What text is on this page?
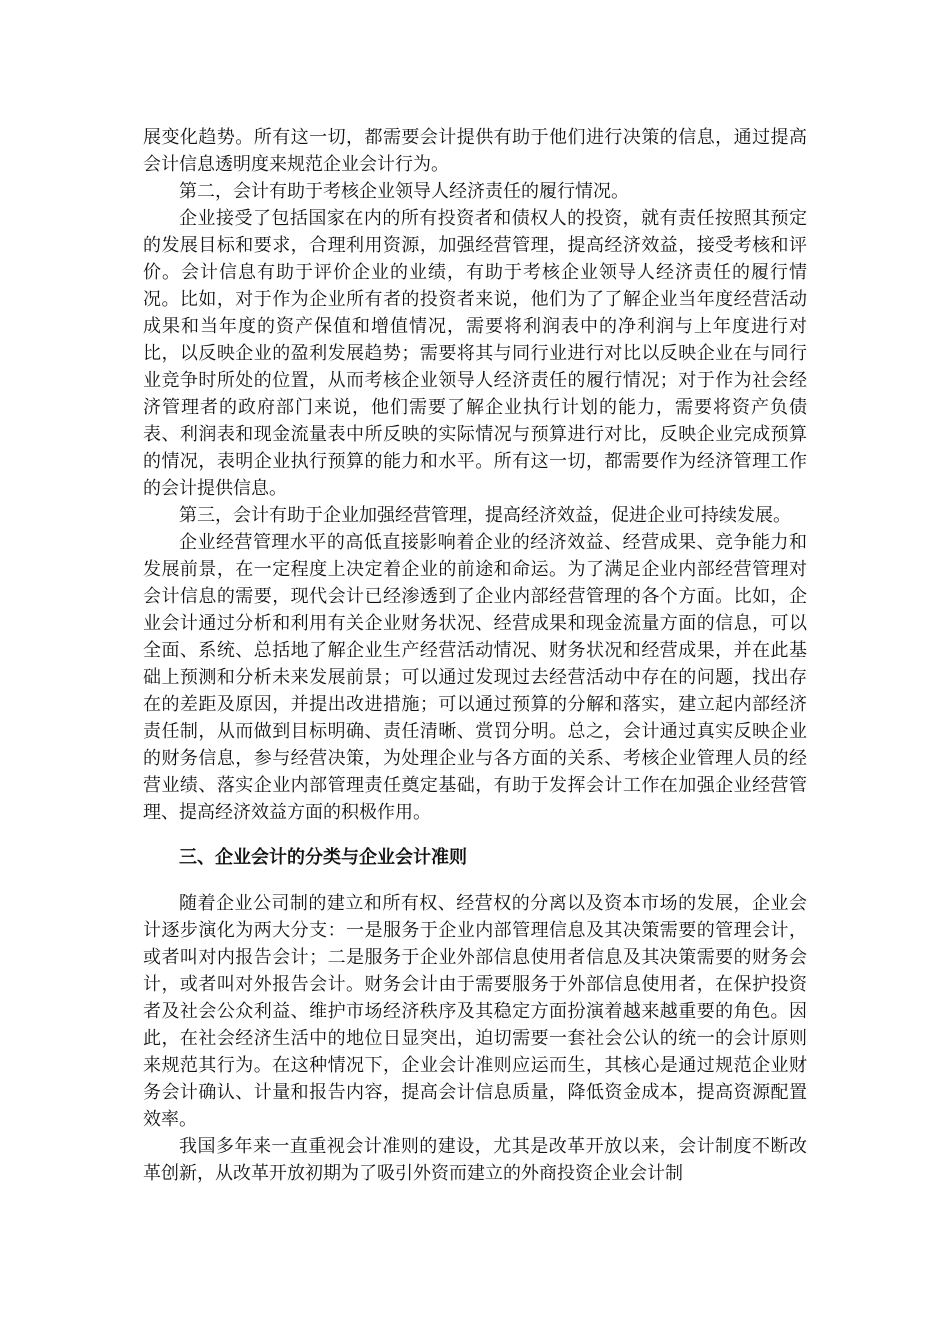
展变化趋势。所有这一切，都需要会计提供有助于他们进行决策的信息，通过提高会计信息透明度来规范企业会计行为。

第二，会计有助于考核企业领导人经济责任的履行情况。

企业接受了包括国家在内的所有投资者和债权人的投资，就有责任按照其预定的发展目标和要求，合理利用资源，加强经营管理，提高经济效益，接受考核和评价。会计信息有助于评价企业的业绩，有助于考核企业领导人经济责任的履行情况。比如，对于作为企业所有者的投资者来说，他们为了了解企业当年度经营活动成果和当年度的资产保值和增值情况，需要将利润表中的净利润与上年度进行对比，以反映企业的盈利发展趋势；需要将其与同行业进行对比以反映企业在与同行业竞争时所处的位置，从而考核企业领导人经济责任的履行情况；对于作为社会经济管理者的政府部门来说，他们需要了解企业执行计划的能力，需要将资产负债表、利润表和现金流量表中所反映的实际情况与预算进行对比，反映企业完成预算的情况，表明企业执行预算的能力和水平。所有这一切，都需要作为经济管理工作的会计提供信息。

第三，会计有助于企业加强经营管理，提高经济效益，促进企业可持续发展。

企业经营管理水平的高低直接影响着企业的经济效益、经营成果、竞争能力和发展前景，在一定程度上决定着企业的前途和命运。为了满足企业内部经营管理对会计信息的需要，现代会计已经渗透到了企业内部经营管理的各个方面。比如，企业会计通过分析和利用有关企业财务状况、经营成果和现金流量方面的信息，可以全面、系统、总括地了解企业生产经营活动情况、财务状况和经营成果，并在此基础上预测和分析未来发展前景；可以通过发现过去经营活动中存在的问题，找出存在的差距及原因，并提出改进措施；可以通过预算的分解和落实，建立起内部经济责任制，从而做到目标明确、责任清晰、赏罚分明。总之，会计通过真实反映企业的财务信息，参与经营决策，为处理企业与各方面的关系、考核企业管理人员的经营业绩、落实企业内部管理责任奠定基础，有助于发挥会计工作在加强企业经营管理、提高经济效益方面的积极作用。

三、企业会计的分类与企业会计准则

随着企业公司制的建立和所有权、经营权的分离以及资本市场的发展，企业会计逐步演化为两大分支：一是服务于企业内部管理信息及其决策需要的管理会计，或者叫对内报告会计；二是服务于企业外部信息使用者信息及其决策需要的财务会计，或者叫对外报告会计。财务会计由于需要服务于外部信息使用者，在保护投资者及社会公众利益、维护市场经济秩序及其稳定方面扮演着越来越重要的角色。因此，在社会经济生活中的地位日显突出，迫切需要一套社会公认的统一的会计原则来规范其行为。在这种情况下，企业会计准则应运而生，其核心是通过规范企业财务会计确认、计量和报告内容，提高会计信息质量，降低资金成本，提高资源配置效率。

我国多年来一直重视会计准则的建设，尤其是改革开放以来，会计制度不断改革创新，从改革开放初期为了吸引外资而建立的外商投资企业会计制
